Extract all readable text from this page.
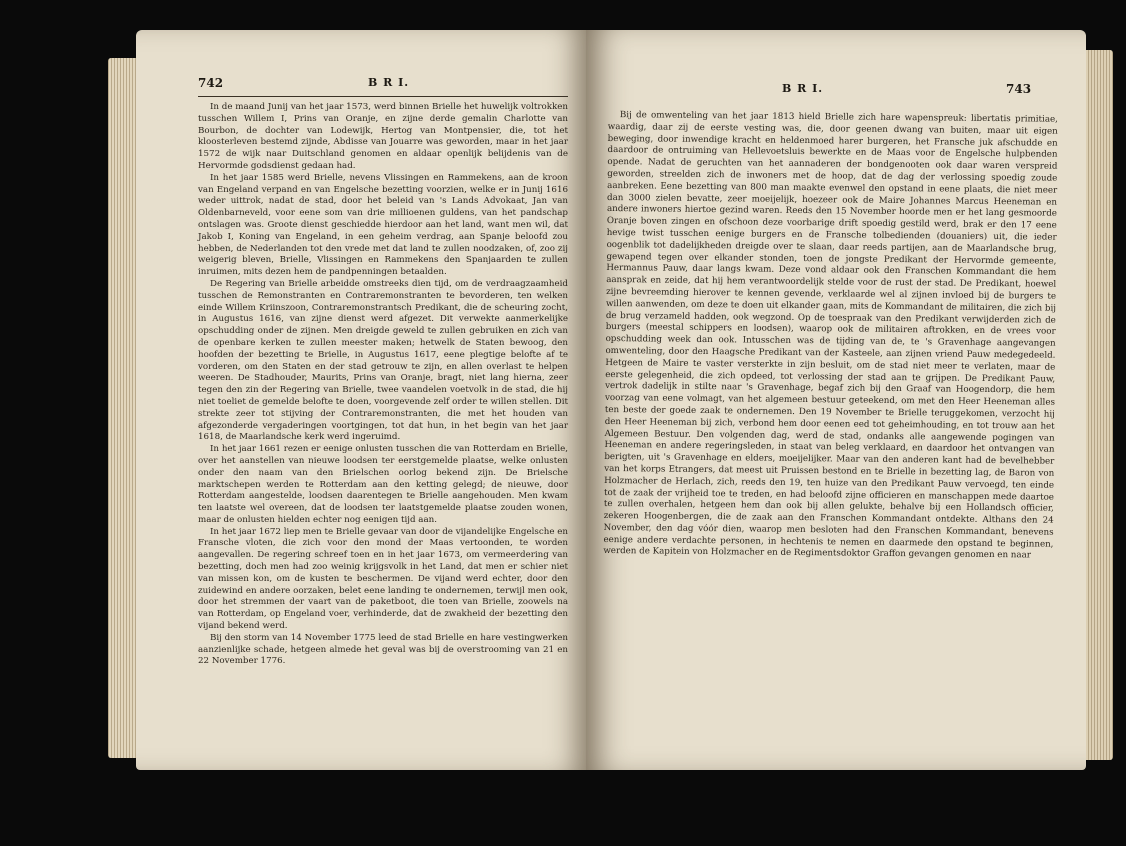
742	B R I.

In de maand Junij van het jaar 1573, werd binnen Brielle het huwelijk voltrokken tusschen Willem I, Prins van Oranje, en zijne derde gemalin Charlotte van Bourbon, de dochter van Lodewijk, Hertog van Montpensier, die, tot het kloosterleven bestemd zijnde, Abdisse van Jouarre was geworden, maar in het jaar 1572 de wijk naar Duitschland genomen en aldaar openlijk belijdenis van de Hervormde godsdienst gedaan had.

In het jaar 1585 werd Brielle, nevens Vlissingen en Rammekens, aan de kroon van Engeland verpand en van Engelsche bezetting voorzien, welke er in Junij 1616 weder uittrok, nadat de stad, door het beleid van 's Lands Advokaat, Jan van Oldenbarneveld, voor eene som van drie millioenen guldens, van het pandschap ontslagen was. Groote dienst geschiedde hierdoor aan het land, want men wil, dat Jakob I, Koning van Engeland, in een geheim verdrag, aan Spanje beloofd zou hebben, de Nederlanden tot den vrede met dat land te zullen noodzaken, of, zoo zij weigerig bleven, Brielle, Vlissingen en Rammekens den Spanjaarden te zullen inruimen, mits dezen hem de pandpenningen betaalden.

De Regering van Brielle arbeidde omstreeks dien tijd, om de verdraagzaamheid tusschen de Remonstranten en Contraremonstranten te bevorderen, ten welken einde Willem Kriinszoon, Contraremonstrantsch Predikant, die de scheuring zocht, in Augustus 1616, van zijne dienst werd afgezet. Dit verwekte aanmerkelijke opschudding onder de zijnen. Men dreigde geweld te zullen gebruiken en zich van de openbare kerken te zullen meester maken; hetwelk de Staten bewoog, den hoofden der bezetting te Brielle, in Augustus 1617, eene plegtige belofte af te vorderen, om den Staten en der stad getrouw te zijn, en allen overlast te helpen weeren. De Stadhouder, Maurits, Prins van Oranje, bragt, niet lang hierna, zeer tegen den zin der Regering van Brielle, twee vaandelen voetvolk in de stad, die hij niet toeliet de gemelde belofte te doen, voorgevende zelf order te willen stellen. Dit strekte zeer tot stijving der Contraremonstranten, die met het houden van afgezonderde vergaderingen voortgingen, tot dat hun, in het begin van het jaar 1618, de Maarlandsche kerk werd ingeruimd.

In het jaar 1661 rezen er eenige onlusten tusschen die van Rotterdam en Brielle, over het aanstellen van nieuwe loodsen ter eerstgemelde plaatse, welke onlusten onder den naam van den Brielschen oorlog bekend zijn. De Brielsche marktschepen werden te Rotterdam aan den ketting gelegd; de nieuwe, door Rotterdam aangestelde, loodsen daarentegen te Brielle aangehouden. Men kwam ten laatste wel overeen, dat de loodsen ter laatstgemelde plaatse zouden wonen, maar de onlusten hielden echter nog eenigen tijd aan.

In het jaar 1672 liep men te Brielle gevaar van door de vijandelijke Engelsche en Fransche vloten, die zich voor den mond der Maas vertoonden, te worden aangevallen. De regering schreef toen en in het jaar 1673, om vermeerdering van bezetting, doch men had zoo weinig krijgsvolk in het Land, dat men er schier niet van missen kon, om de kusten te beschermen. De vijand werd echter, door den zuidewind en andere oorzaken, belet eene landing te ondernemen, terwijl men ook, door het stremmen der vaart van de paketboot, die toen van Brielle, zoowels na van Rotterdam, op Engeland voer, verhinderde, dat de zwakheid der bezetting den vijand bekend werd.

Bij den storm van 14 November 1775 leed de stad Brielle en hare vestingwerken aanzienlijke schade, hetgeen almede het geval was bij de overstrooming van 21 en 22 November 1776.

B R I.	743

Bij de omwenteling van het jaar 1813 hield Brielle zich hare wapenspreuk: libertatis primitiae, waardig, daar zij de eerste vesting was, die, door geenen dwang van buiten, maar uit eigen beweging, door inwendige kracht en heldenmoed harer burgeren, het Fransche juk afschudde en daardoor de ontruiming van Hellevoetsluis bewerkte en de Maas voor de Engelsche hulpbenden opende. Nadat de geruchten van het aannaderen der bondgenooten ook daar waren verspreid geworden, streelden zich de inwoners met de hoop, dat de dag der verlossing spoedig zoude aanbreken. Eene bezetting van 800 man maakte evenwel den opstand in eene plaats, die niet meer dan 3000 zielen bevatte, zeer moeijelijk, hoezeer ook de Maire Johannes Marcus Heeneman en andere inwoners hiertoe gezind waren. Reeds den 15 November hoorde men er het lang gesmoorde Oranje boven zingen en ofschoon deze voorbarige drift spoedig gestild werd, brak er den 17 eene hevige twist tusschen eenige burgers en de Fransche tolbedienden (douaniers) uit, die ieder oogenblik tot dadelijkheden dreigde over te slaan, daar reeds partijen, aan de Maarlandsche brug, gewapend tegen over elkander stonden, toen de jongste Predikant der Hervormde gemeente, Hermannus Pauw, daar langs kwam. Deze vond aldaar ook den Franschen Kommandant die hem aansprak en zeide, dat hij hem verantwoordelijk stelde voor de rust der stad. De Predikant, hoewel zijne bevreemding hierover te kennen gevende, verklaarde wel al zijnen invloed bij de burgers te willen aanwenden, om deze te doen uit elkander gaan, mits de Kommandant de militairen, die zich bij de brug verzameld hadden, ook wegzond. Op de toespraak van den Predikant verwijderden zich de burgers (meestal schippers en loodsen), waarop ook de militairen aftrokken, en de vrees voor opschudding week dan ook. Intusschen was de tijding van de, te 's Gravenhage aangevangen omwenteling, door den Haagsche Predikant van der Kasteele, aan zijnen vriend Pauw medegedeeld. Hetgeen de Maire te vaster versterkte in zijn besluit, om de stad niet meer te verlaten, maar de eerste gelegenheid, die zich opdeed, tot verlossing der stad aan te grijpen. De Predikant Pauw, vertrok dadelijk in stilte naar 's Gravenhage, begaf zich bij den Graaf van Hoogendorp, die hem voorzag van eene volmagt, van het algemeen bestuur geteekend, om met den Heer Heeneman alles ten beste der goede zaak te ondernemen. Den 19 November te Brielle teruggekomen, verzocht hij den Heer Heeneman bij zich, verbond hem door eenen eed tot geheimhouding, en tot trouw aan het Algemeen Bestuur. Den volgenden dag, werd de stad, ondanks alle aangewende pogingen van Heeneman en andere regeringsleden, in staat van beleg verklaard, en daardoor het ontvangen van berigten, uit 's Gravenhage en elders, moeijelijker. Maar van den anderen kant had de bevelhebber van het korps Etrangers, dat meest uit Pruissen bestond en te Brielle in bezetting lag, de Baron von Holzmacher de Herlach, zich, reeds den 19, ten huize van den Predikant Pauw vervoegd, ten einde tot de zaak der vrijheid toe te treden, en had beloofd zijne officieren en manschappen mede daartoe te zullen overhalen, hetgeen hem dan ook bij allen gelukte, behalve bij een Hollandsch officier, zekeren Hoogenbergen, die de zaak aan den Franschen Kommandant ontdekte. Althans den 24 November, den dag vóór dien, waarop men besloten had den Franschen Kommandant, benevens eenige andere verdachte personen, in hechtenis te nemen en daarmede den opstand te beginnen, werden de Kapitein von Holzmacher en de Regimentsdoktor Graffon gevangen genomen en naar
